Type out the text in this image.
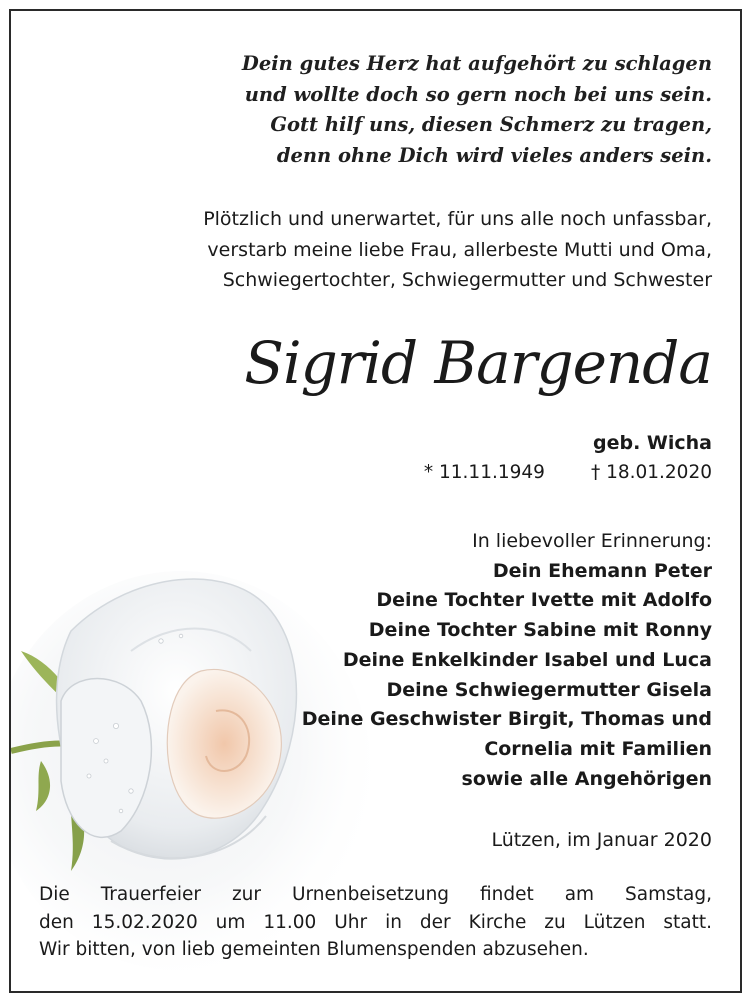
Dein gutes Herz hat aufgehört zu schlagen
und wollte doch so gern noch bei uns sein.
Gott hilf uns, diesen Schmerz zu tragen,
denn ohne Dich wird vieles anders sein.
Plötzlich und unerwartet, für uns alle noch unfassbar,
verstarb meine liebe Frau, allerbeste Mutti und Oma,
Schwiegertochter, Schwiegermutter und Schwester
Sigrid Bargenda
geb. Wicha
* 11.11.1949 † 18.01.2020
In liebevoller Erinnerung:
Dein Ehemann Peter
Deine Tochter Ivette mit Adolfo
Deine Tochter Sabine mit Ronny
Deine Enkelkinder Isabel und Luca
Deine Schwiegermutter Gisela
Deine Geschwister Birgit, Thomas und
Cornelia mit Familien
sowie alle Angehörigen
Lützen, im Januar 2020
Die Trauerfeier zur Urnenbeisetzung findet am Samstag,
den 15.02.2020 um 11.00 Uhr in der Kirche zu Lützen statt.
Wir bitten, von lieb gemeinten Blumenspenden abzusehen.
